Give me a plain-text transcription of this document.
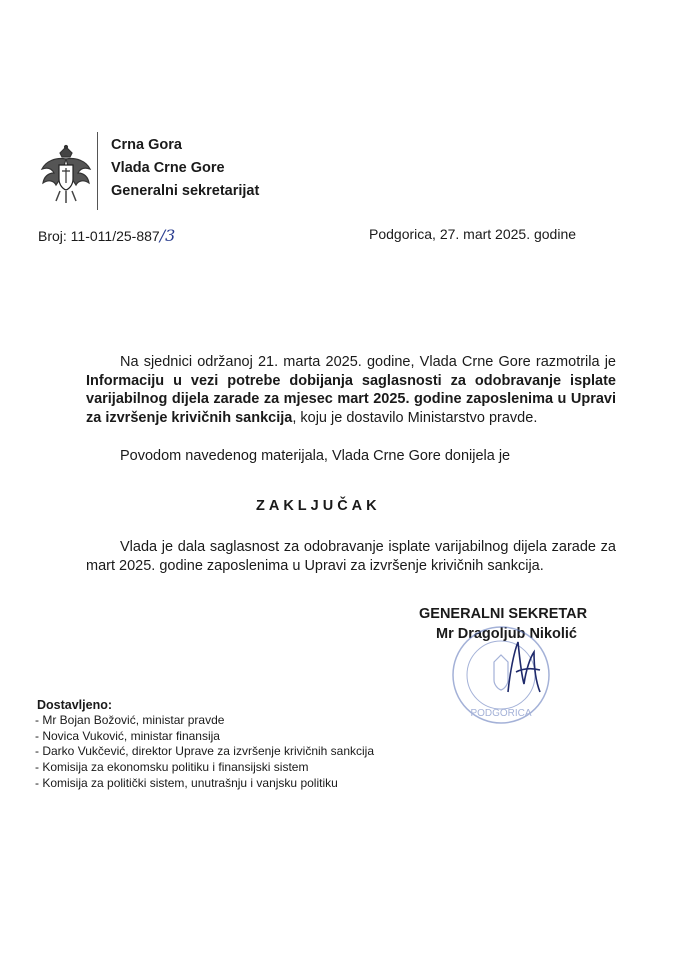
Crna Gora
Vlada Crne Gore
Generalni sekretarijat
Broj: 11-011/25-887/3	Podgorica, 27. mart 2025. godine
Na sjednici održanoj 21. marta 2025. godine, Vlada Crne Gore razmotrila je Informaciju u vezi potrebe dobijanja saglasnosti za odobravanje isplate varijabilnog dijela zarade za mjesec mart 2025. godine zaposlenima u Upravi za izvršenje krivičnih sankcija, koju je dostavilo Ministarstvo pravde.
Povodom navedenog materijala, Vlada Crne Gore donijela je
ZAKLJUČAK
Vlada je dala saglasnost za odobravanje isplate varijabilnog dijela zarade za mart 2025. godine zaposlenima u Upravi za izvršenje krivičnih sankcija.
GENERALNI SEKRETAR
Mr Dragoljub Nikolić
PODGORICA
Dostavljeno:
- Mr Bojan Božović, ministar pravde
- Novica Vuković, ministar finansija
- Darko Vukčević, direktor Uprave za izvršenje krivičnih sankcija
- Komisija za ekonomsku politiku i finansijski sistem
- Komisija za politički sistem, unutrašnju i vanjsku politiku
